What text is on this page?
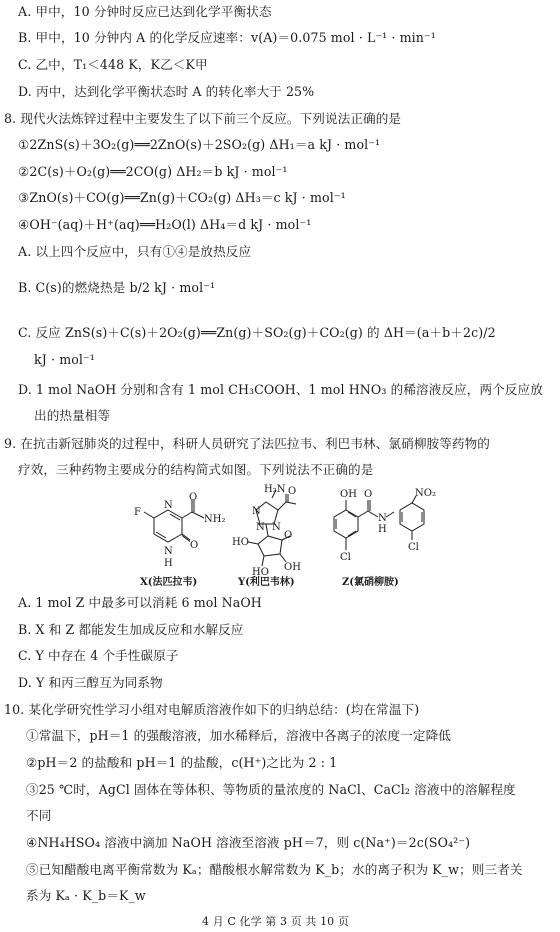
A. 甲中，10 分钟时反应已达到化学平衡状态
B. 甲中，10 分钟内 A 的化学反应速率：v(A)＝0.075 mol · L⁻¹ · min⁻¹
C. 乙中，T₁＜448 K，K乙＜K甲
D. 丙中，达到化学平衡状态时 A 的转化率大于 25%
8. 现代火法炼锌过程中主要发生了以下前三个反应。下列说法正确的是
①2ZnS(s)＋3O₂(g)══2ZnO(s)＋2SO₂(g) ΔH₁＝a kJ · mol⁻¹
②2C(s)＋O₂(g)══2CO(g) ΔH₂＝b kJ · mol⁻¹
③ZnO(s)＋CO(g)══Zn(g)＋CO₂(g) ΔH₃＝c kJ · mol⁻¹
④OH⁻(aq)＋H⁺(aq)══H₂O(l) ΔH₄＝d kJ · mol⁻¹
A. 以上四个反应中，只有①④是放热反应
B. C(s)的燃烧热是 b/2 kJ · mol⁻¹
C. 反应 ZnS(s)＋C(s)＋2O₂(g)══Zn(g)＋SO₂(g)＋CO₂(g) 的 ΔH＝(a＋b＋2c)/2
kJ · mol⁻¹
D. 1 mol NaOH 分别和含有 1 mol CH₃COOH、1 mol HNO₃ 的稀溶液反应，两个反应放
出的热量相等
9. 在抗击新冠肺炎的过程中，科研人员研究了法匹拉韦、利巴韦林、氯硝柳胺等药物的
疗效，三种药物主要成分的结构简式如图。下列说法不正确的是
F
O
NH₂
O
N
N
H
X(法匹拉韦)
H₂N O
N
N
N
HO
O
HO OH
Y(利巴韦林)
OH O
N
H
NO₂
Cl
Cl
Z(氯硝柳胺)
A. 1 mol Z 中最多可以消耗 6 mol NaOH
B. X 和 Z 都能发生加成反应和水解反应
C. Y 中存在 4 个手性碳原子
D. Y 和丙三醇互为同系物
10. 某化学研究性学习小组对电解质溶液作如下的归纳总结：(均在常温下)
①常温下，pH＝1 的强酸溶液，加水稀释后，溶液中各离子的浓度一定降低
②pH＝2 的盐酸和 pH＝1 的盐酸，c(H⁺)之比为 2 : 1
③25 ℃时，AgCl 固体在等体积、等物质的量浓度的 NaCl、CaCl₂ 溶液中的溶解程度
不同
④NH₄HSO₄ 溶液中滴加 NaOH 溶液至溶液 pH＝7，则 c(Na⁺)＝2c(SO₄²⁻)
⑤已知醋酸电离平衡常数为 Kₐ；醋酸根水解常数为 K_b；水的离子积为 K_w；则三者关
系为 Kₐ · K_b＝K_w
4 月 C 化学 第 3 页 共 10 页
